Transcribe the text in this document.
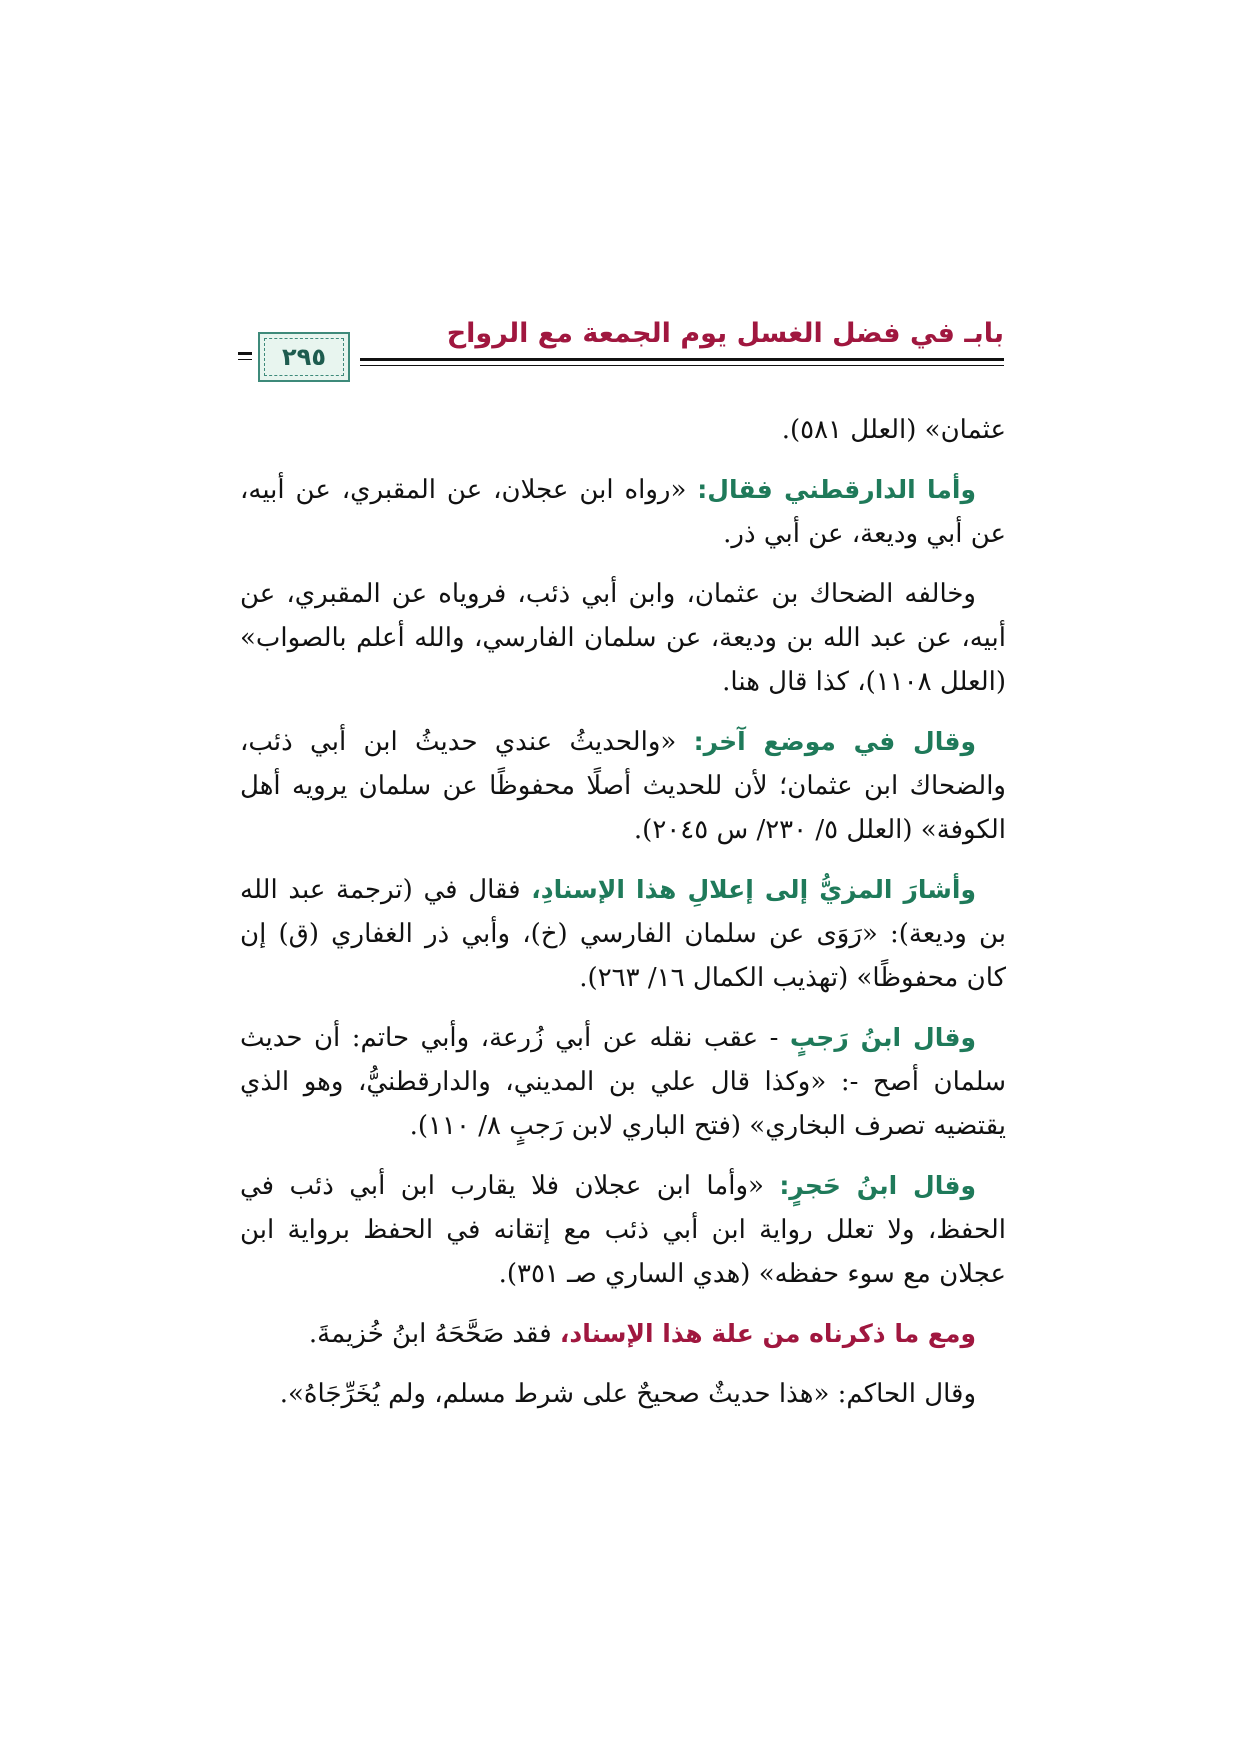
بابـ في فضل الغسل يوم الجمعة مع الرواح
٢٩٥

عثمان» (العلل ٥٨١).

وأما الدارقطني فقال: «رواه ابن عجلان، عن المقبري، عن أبيه، عن أبي وديعة، عن أبي ذر.

وخالفه الضحاك بن عثمان، وابن أبي ذئب، فروياه عن المقبري، عن أبيه، عن عبد الله بن وديعة، عن سلمان الفارسي، والله أعلم بالصواب» (العلل ١١٠٨)، كذا قال هنا.

وقال في موضع آخر: «والحديثُ عندي حديثُ ابن أبي ذئب، والضحاك ابن عثمان؛ لأن للحديث أصلًا محفوظًا عن سلمان يرويه أهل الكوفة» (العلل ٥/ ٢٣٠/ س ٢٠٤٥).

وأشارَ المزيُّ إلى إعلالِ هذا الإسنادِ، فقال في (ترجمة عبد الله بن وديعة): «رَوَى عن سلمان الفارسي (خ)، وأبي ذر الغفاري (ق) إن كان محفوظًا» (تهذيب الكمال ١٦/ ٢٦٣).

وقال ابنُ رَجبٍ - عقب نقله عن أبي زُرعة، وأبي حاتم: أن حديث سلمان أصح -: «وكذا قال علي بن المديني، والدارقطنيُّ، وهو الذي يقتضيه تصرف البخاري» (فتح الباري لابن رَجبٍ ٨/ ١١٠).

وقال ابنُ حَجرٍ: «وأما ابن عجلان فلا يقارب ابن أبي ذئب في الحفظ، ولا تعلل رواية ابن أبي ذئب مع إتقانه في الحفظ برواية ابن عجلان مع سوء حفظه» (هدي الساري صـ ٣٥١).

ومع ما ذكرناه من علة هذا الإسناد، فقد صَحَّحَهُ ابنُ خُزيمةَ.

وقال الحاكم: «هذا حديثٌ صحيحٌ على شرط مسلم، ولم يُخَرِّجَاهُ».
